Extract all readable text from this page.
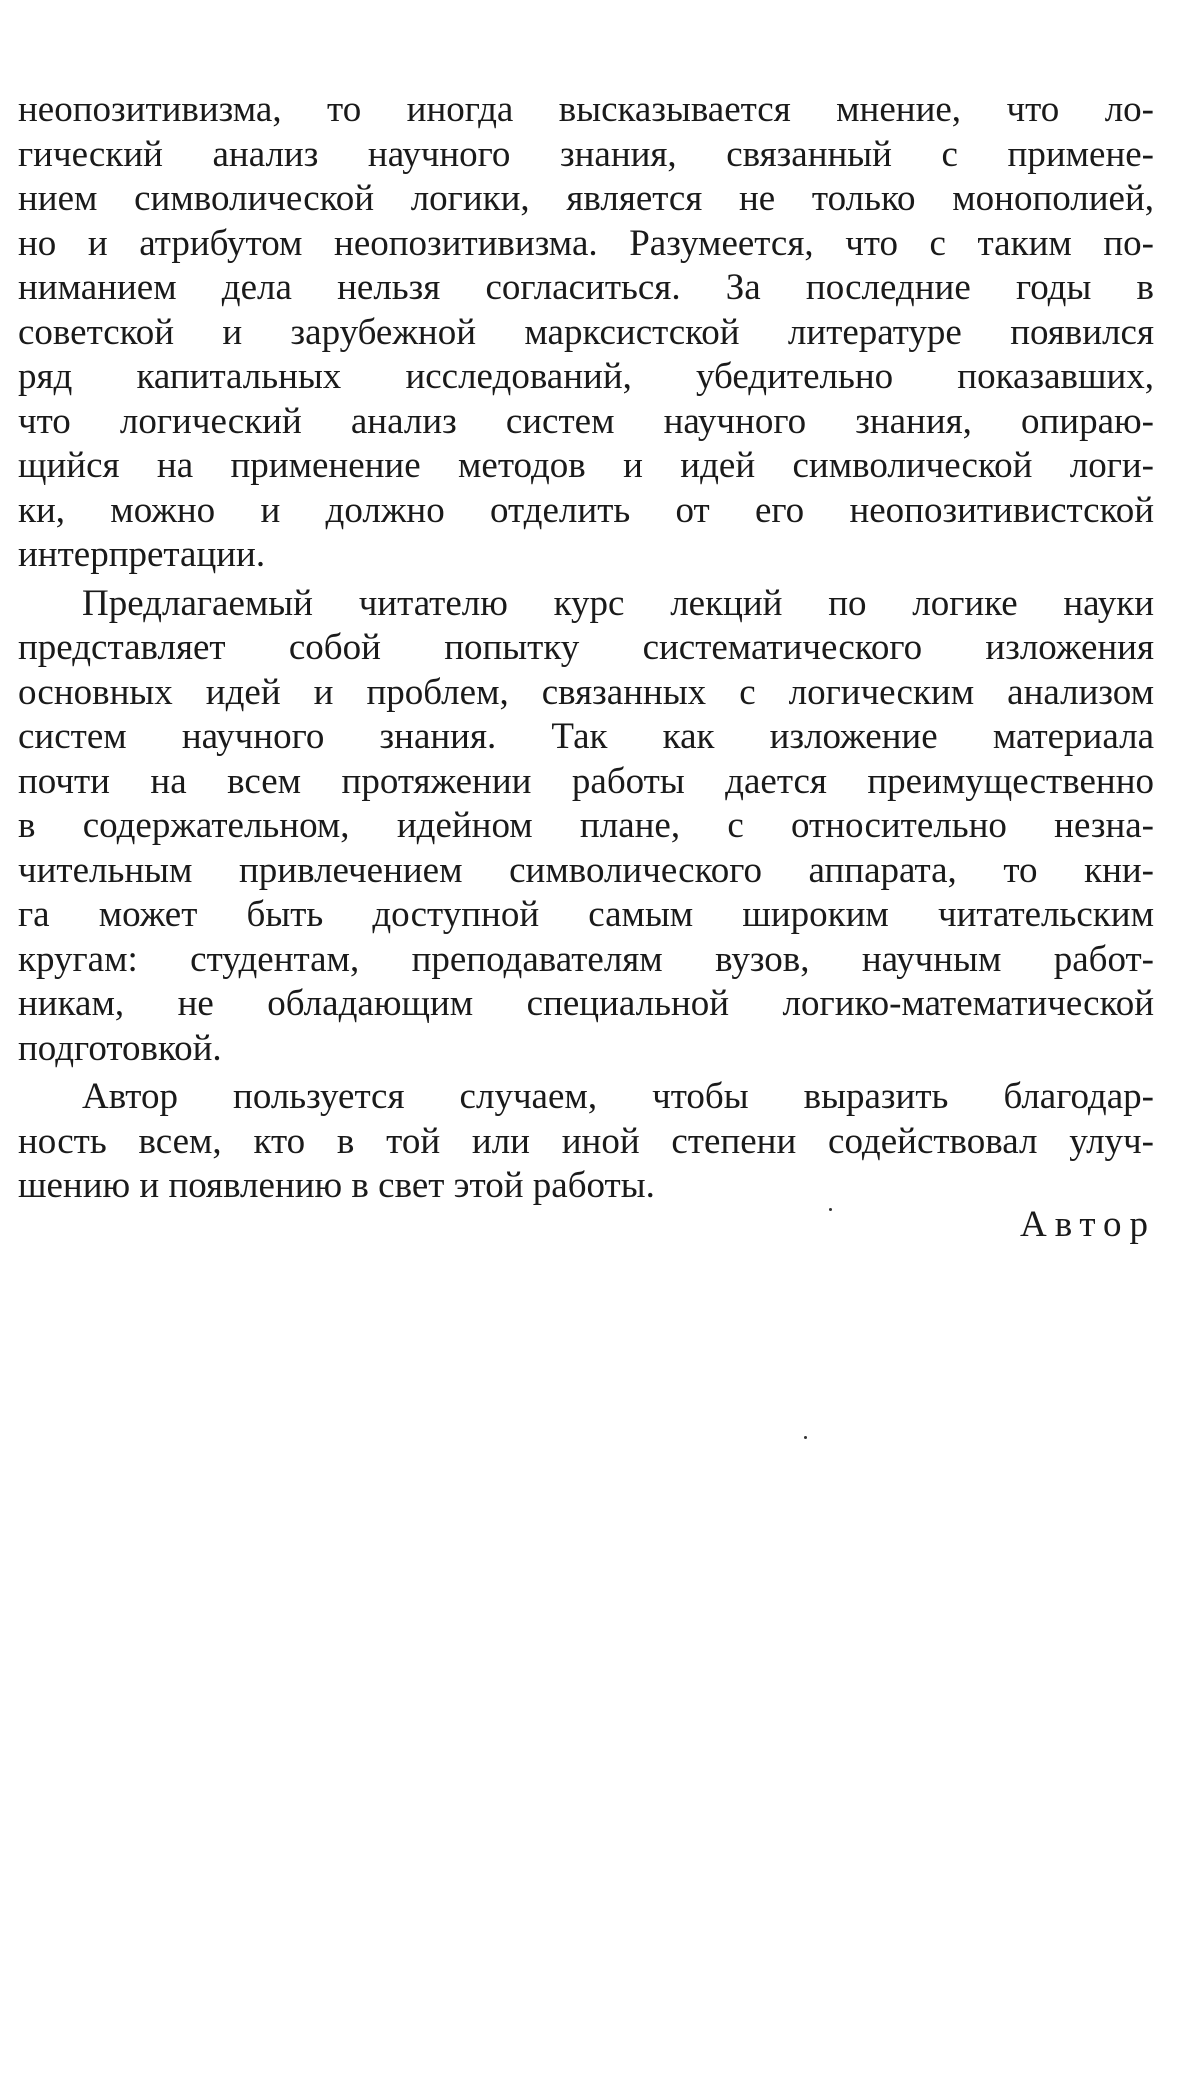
неопозитивизма, то иногда высказывается мнение, что ло-
гический анализ научного знания, связанный с примене-
нием символической логики, является не только монополией,
но и атрибутом неопозитивизма. Разумеется, что с таким по-
ниманием дела нельзя согласиться. За последние годы в
советской и зарубежной марксистской литературе появился
ряд капитальных исследований, убедительно показавших,
что логический анализ систем научного знания, опираю-
щийся на применение методов и идей символической логи-
ки, можно и должно отделить от его неопозитивистской
интерпретации.
Предлагаемый читателю курс лекций по логике науки
представляет собой попытку систематического изложения
основных идей и проблем, связанных с логическим анализом
систем научного знания. Так как изложение материала
почти на всем протяжении работы дается преимущественно
в содержательном, идейном плане, с относительно незна-
чительным привлечением символического аппарата, то кни-
га может быть доступной самым широким читательским
кругам: студентам, преподавателям вузов, научным работ-
никам, не обладающим специальной логико-математической
подготовкой.
Автор пользуется случаем, чтобы выразить благодар-
ность всем, кто в той или иной степени содействовал улуч-
шению и появлению в свет этой работы.
Автор
